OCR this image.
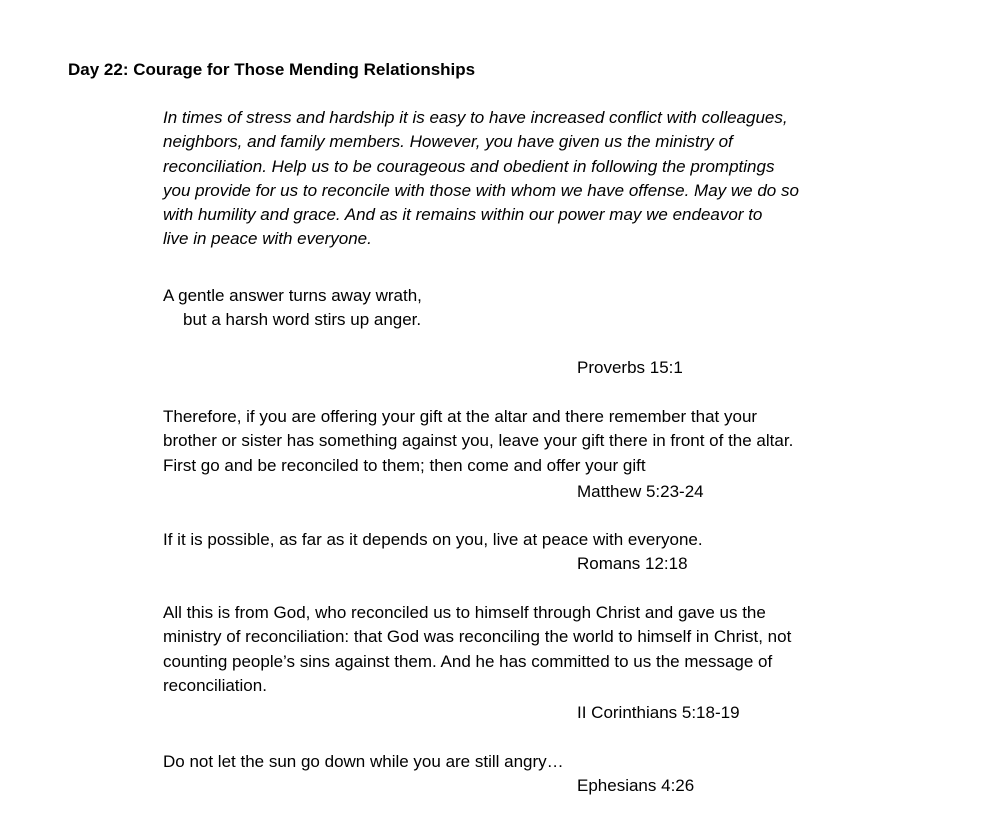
Day 22: Courage for Those Mending Relationships
In times of stress and hardship it is easy to have increased conflict with colleagues,
neighbors, and family members. However, you have given us the ministry of
reconciliation. Help us to be courageous and obedient in following the promptings
you provide for us to reconcile with those with whom we have offense. May we do so
with humility and grace. And as it remains within our power may we endeavor to
live in peace with everyone.
A gentle answer turns away wrath,
but a harsh word stirs up anger.
Proverbs 15:1
Therefore, if you are offering your gift at the altar and there remember that your
brother or sister has something against you, leave your gift there in front of the altar.
First go and be reconciled to them; then come and offer your gift
Matthew 5:23-24
If it is possible, as far as it depends on you, live at peace with everyone.
Romans 12:18
All this is from God, who reconciled us to himself through Christ and gave us the
ministry of reconciliation: that God was reconciling the world to himself in Christ, not
counting people’s sins against them. And he has committed to us the message of
reconciliation.
II Corinthians 5:18-19
Do not let the sun go down while you are still angry…
Ephesians 4:26
